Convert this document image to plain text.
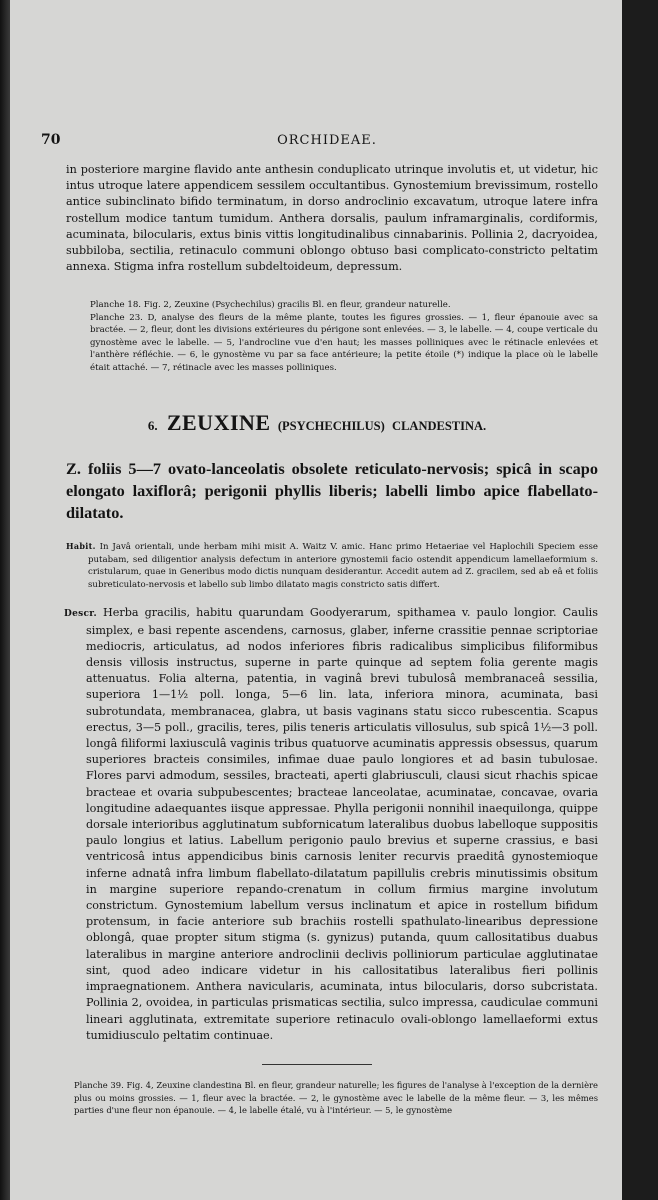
70	ORCHIDEAE.

in posteriore margine flavido ante anthesin conduplicato utrinque involutis et, ut videtur, hic intus utroque latere appendicem sessilem occultantibus. Gynostemium brevissimum, rostello antice subinclinato bifido terminatum, in dorso androclinio excavatum, utroque latere infra rostellum modice tantum tumidum. Anthera dorsalis, paulum inframarginalis, cordiformis, acuminata, bilocularis, extus binis vittis longitudinalibus cinnabarinis. Pollinia 2, dacryoidea, subbiloba, sectilia, retinaculo communi oblongo obtuso basi complicato-constricto peltatim annexa. Stigma infra rostellum subdeltoideum, depressum.

Planche 18. Fig. 2, Zeuxine (Psychechilus) gracilis Bl. en fleur, grandeur naturelle.

Planche 23. D, analyse des fleurs de la même plante, toutes les figures grossies. — 1, fleur épanouie avec sa bractée. — 2, fleur, dont les divisions extérieures du périgone sont enlevées. — 3, le labelle. — 4, coupe verticale du gynostème avec le labelle. — 5, l'androcline vue d'en haut; les masses polliniques avec le rétinacle enlevées et l'anthère réfléchie. — 6, le gynostème vu par sa face antérieure; la petite étoile (*) indique la place où le labelle était attaché. — 7, rétinacle avec les masses polliniques.

6. ZEUXINE (PSYCHECHILUS) CLANDESTINA.

Z. foliis 5—7 ovato-lanceolatis obsolete reticulato-nervosis; spicâ in scapo elongato laxiflorâ; perigonii phyllis liberis; labelli limbo apice flabellato-dilatato.

Habit. In Javâ orientali, unde herbam mihi misit A. Waitz V. amic. Hanc primo Hetaeriae vel Haplochili Speciem esse putabam, sed diligentior analysis defectum in anteriore gynostemii facio ostendit appendicum lamellaeformium s. cristularum, quae in Generibus modo dictis nunquam desiderantur. Accedit autem ad Z. gracilem, sed ab eâ et foliis subreticulato-nervosis et labello sub limbo dilatato magis constricto satis differt.

Descr. Herba gracilis, habitu quarundam Goodyerarum, spithamea v. paulo longior. Caulis simplex, e basi repente ascendens, carnosus, glaber, inferne crassitie pennae scriptoriae mediocris, articulatus, ad nodos inferiores fibris radicalibus simplicibus filiformibus densis villosis instructus, superne in parte quinque ad septem folia gerente magis attenuatus. Folia alterna, patentia, in vaginâ brevi tubulosâ membranaceâ sessilia, superiora 1—1½ poll. longa, 5—6 lin. lata, inferiora minora, acuminata, basi subrotundata, membranacea, glabra, ut basis vaginans statu sicco rubescentia. Scapus erectus, 3—5 poll., gracilis, teres, pilis teneris articulatis villosulus, sub spicâ 1½—3 poll. longâ filiformi laxiusculâ vaginis tribus quatuorve acuminatis appressis obsessus, quarum superiores bracteis consimiles, infimae duae paulo longiores et ad basin tubulosae. Flores parvi admodum, sessiles, bracteati, aperti glabriusculi, clausi sicut rhachis spicae bracteae et ovaria subpubescentes; bracteae lanceolatae, acuminatae, concavae, ovaria longitudine adaequantes iisque appressae. Phylla perigonii nonnihil inaequilonga, quippe dorsale interioribus agglutinatum subfornicatum lateralibus duobus labelloque suppositis paulo longius et latius. Labellum perigonio paulo brevius et superne crassius, e basi ventricosâ intus appendicibus binis carnosis leniter recurvis praeditâ gynostemioque inferne adnatâ infra limbum flabellato-dilatatum papillulis crebris minutissimis obsitum in margine superiore repando-crenatum in collum firmius margine involutum constrictum. Gynostemium labellum versus inclinatum et apice in rostellum bifidum protensum, in facie anteriore sub brachiis rostelli spathulato-linearibus depressione oblongâ, quae propter situm stigma (s. gynizus) putanda, quum callositatibus duabus lateralibus in margine anteriore androclinii declivis polliniorum particulae agglutinatae sint, quod adeo indicare videtur in his callositatibus lateralibus fieri pollinis impraegnationem. Anthera navicularis, acuminata, intus bilocularis, dorso subcristata. Pollinia 2, ovoidea, in particulas prismaticas sectilia, sulco impressa, caudiculae communi lineari agglutinata, extremitate superiore retinaculo ovali-oblongo lamellaeformi extus tumidiusculo peltatim continuae.

Planche 39. Fig. 4, Zeuxine clandestina Bl. en fleur, grandeur naturelle; les figures de l'analyse à l'exception de la dernière plus ou moins grossies. — 1, fleur avec la bractée. — 2, le gynostème avec le labelle de la même fleur. — 3, les mêmes parties d'une fleur non épanouie. — 4, le labelle étalé, vu à l'intérieur. — 5, le gynostème
